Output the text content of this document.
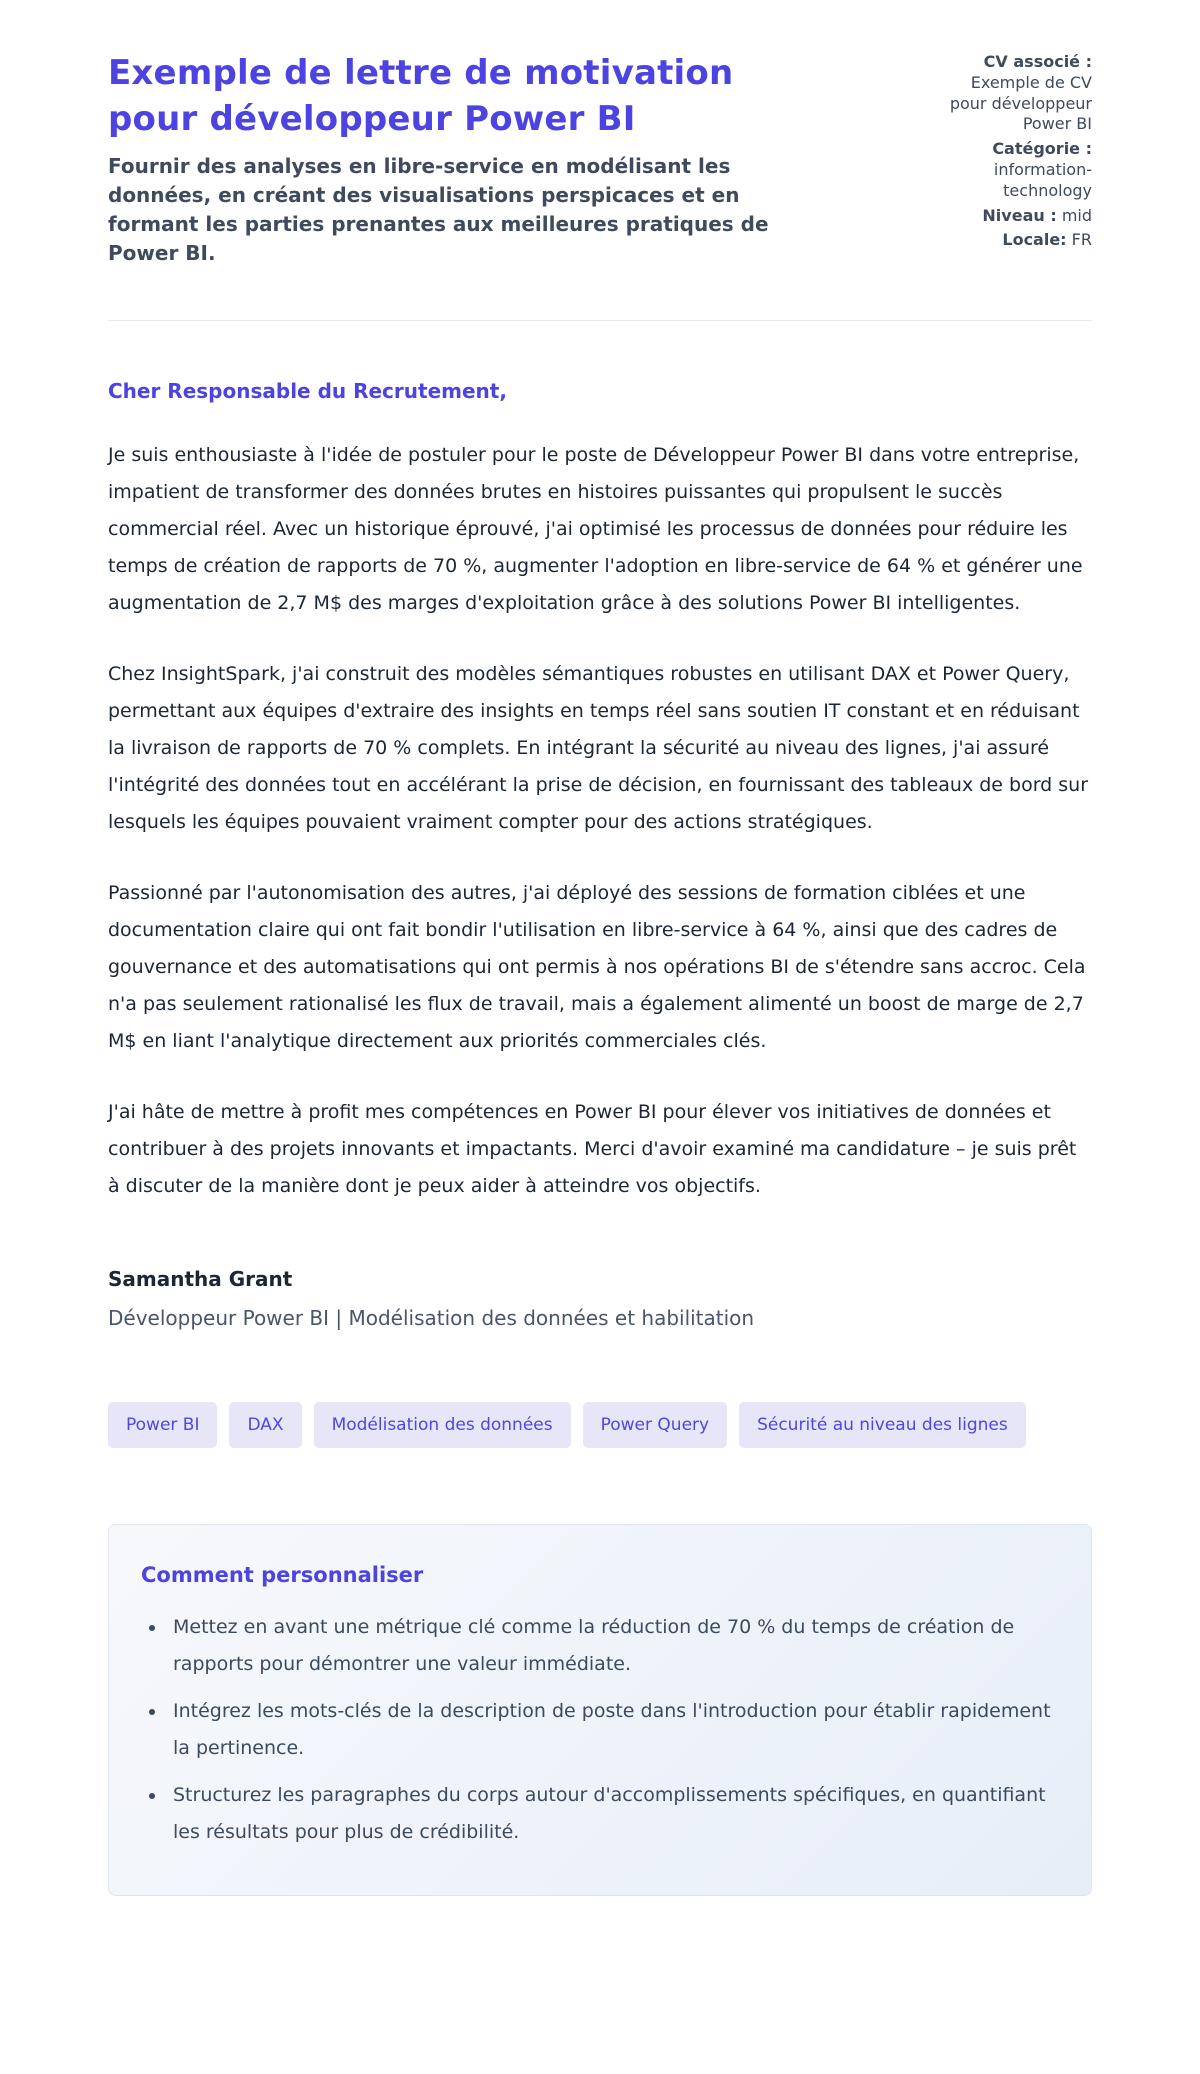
Exemple de lettre de motivation pour développeur Power BI
Fournir des analyses en libre-service en modélisant les données, en créant des visualisations perspicaces et en formant les parties prenantes aux meilleures pratiques de Power BI.
CV associé :
Exemple de CV pour développeur Power BI
Catégorie :
information-technology
Niveau : mid
Locale: FR
Cher Responsable du Recrutement,

Je suis enthousiaste à l'idée de postuler pour le poste de Développeur Power BI dans votre entreprise, impatient de transformer des données brutes en histoires puissantes qui propulsent le succès commercial réel. Avec un historique éprouvé, j'ai optimisé les processus de données pour réduire les temps de création de rapports de 70 %, augmenter l'adoption en libre-service de 64 % et générer une augmentation de 2,7 M$ des marges d'exploitation grâce à des solutions Power BI intelligentes.

Chez InsightSpark, j'ai construit des modèles sémantiques robustes en utilisant DAX et Power Query, permettant aux équipes d'extraire des insights en temps réel sans soutien IT constant et en réduisant la livraison de rapports de 70 % complets. En intégrant la sécurité au niveau des lignes, j'ai assuré l'intégrité des données tout en accélérant la prise de décision, en fournissant des tableaux de bord sur lesquels les équipes pouvaient vraiment compter pour des actions stratégiques.

Passionné par l'autonomisation des autres, j'ai déployé des sessions de formation ciblées et une documentation claire qui ont fait bondir l'utilisation en libre-service à 64 %, ainsi que des cadres de gouvernance et des automatisations qui ont permis à nos opérations BI de s'étendre sans accroc. Cela n'a pas seulement rationalisé les flux de travail, mais a également alimenté un boost de marge de 2,7 M$ en liant l'analytique directement aux priorités commerciales clés.

J'ai hâte de mettre à profit mes compétences en Power BI pour élever vos initiatives de données et contribuer à des projets innovants et impactants. Merci d'avoir examiné ma candidature – je suis prêt à discuter de la manière dont je peux aider à atteindre vos objectifs.

Samantha Grant
Développeur Power BI | Modélisation des données et habilitation
Power BI	DAX	Modélisation des données	Power Query	Sécurité au niveau des lignes
Comment personnaliser
• Mettez en avant une métrique clé comme la réduction de 70 % du temps de création de rapports pour démontrer une valeur immédiate.
• Intégrez les mots-clés de la description de poste dans l'introduction pour établir rapidement la pertinence.
• Structurez les paragraphes du corps autour d'accomplissements spécifiques, en quantifiant les résultats pour plus de crédibilité.
